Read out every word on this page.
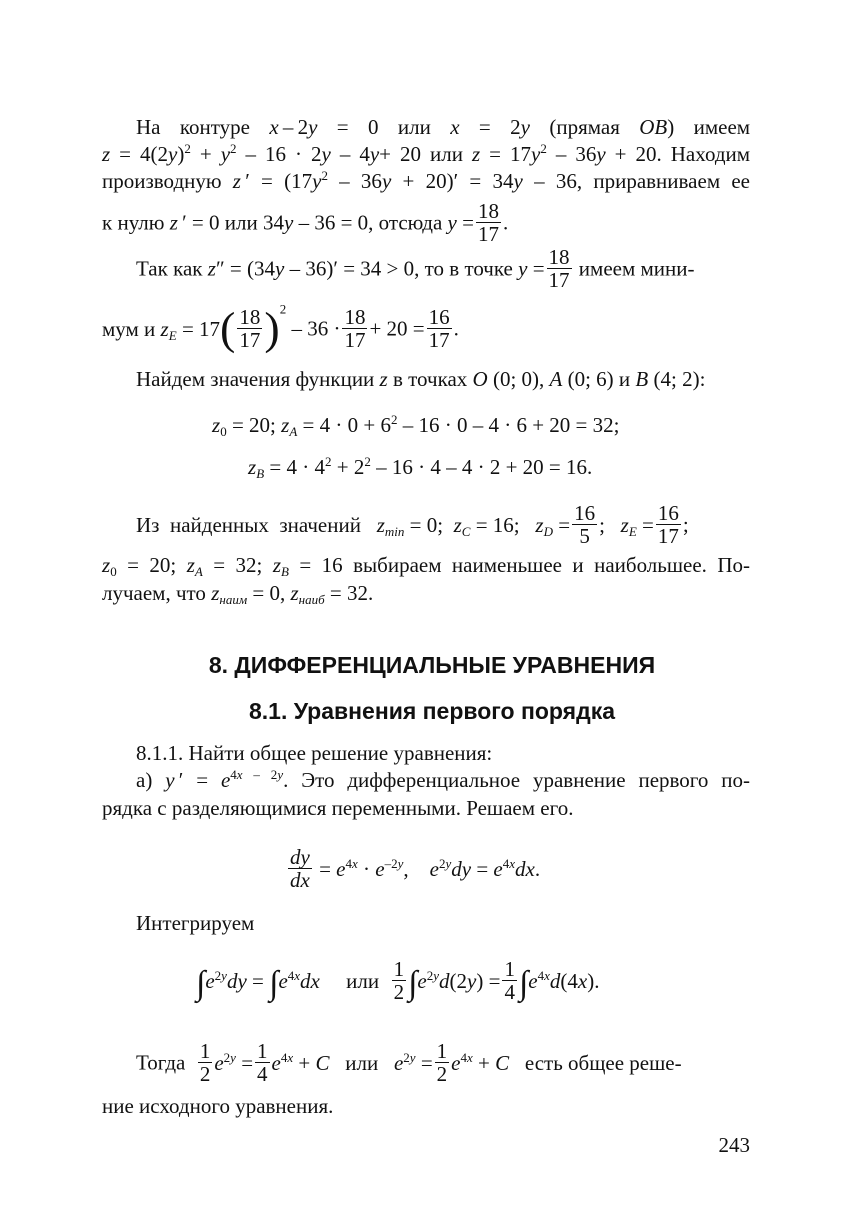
На контуре x – 2y = 0 или x = 2y (прямая OB) имеем
$z = 4(2y)^2 + y^2 - 16 \cdot 2y - 4y+ 20$ или $z = 17y^2 - 36y + 20$. Находим
производную z ′ = $(17y^2 - 36y + 20)' = 34y - 36$, приравниваем ее
к нулю z ′ = 0 или 34y – 36 = 0, отсюда $y = \frac{18}{17}$ .
Так как z″ = (34y – 36)′ = 34 > 0, то в точке $y = \frac{18}{17}$ имеем мини-
мум и $z_E = 17( \frac{18}{17} )^2 - 36 \cdot \frac{18}{17} + 20 = \frac{16}{17}$ .
Найдем значения функции z в точках O (0; 0), A (0; 6) и B (4; 2):
$z_0 = 20$; $z_A = 4 \cdot 0 + 6^2 - 16 \cdot 0 - 4 \cdot 6 + 20 = 32$;
$z_B = 4 \cdot 4^2 + 2^2 - 16 \cdot 4 - 4 \cdot 2 + 20 = 16$.
Из  найденных  значений   $z_{min} = 0$;  $z_C = 16$;   $z_D = \frac{16}{5}$ ;   $z_E = \frac{16}{17}$ ;
$z_0 = 20$; $z_A = 32$; $z_B = 16$ выбираем наименьшее и наибольшее. По-
лучаем, что $z_{наим} = 0$, $z_{наиб} = 32$.
8. ДИФФЕРЕНЦИАЛЬНЫЕ УРАВНЕНИЯ
8.1. Уравнения первого порядка
8.1.1. Найти общее решение уравнения:
а) y ′ = $e^{4x - 2y}$. Это дифференциальное уравнение первого по-
рядка с разделяющимися переменными. Решаем его.
$\frac{dy}{dx} = e^{4x} \cdot e^{-2y}$,    $e^{2y}dy = e^{4x}dx$.
Интегрируем
$\int e^{2y}dy = \int e^{4x}dx$     или $\frac{1}{2} \int e^{2y}d(2y) = \frac{1}{4} \int e^{4x}d(4x)$.
Тогда $\frac{1}{2} e^{2y} = \frac{1}{4} e^{4x} + C$   или   $e^{2y} = \frac{1}{2} e^{4x} + C$   есть общее реше-
ние исходного уравнения.
243
